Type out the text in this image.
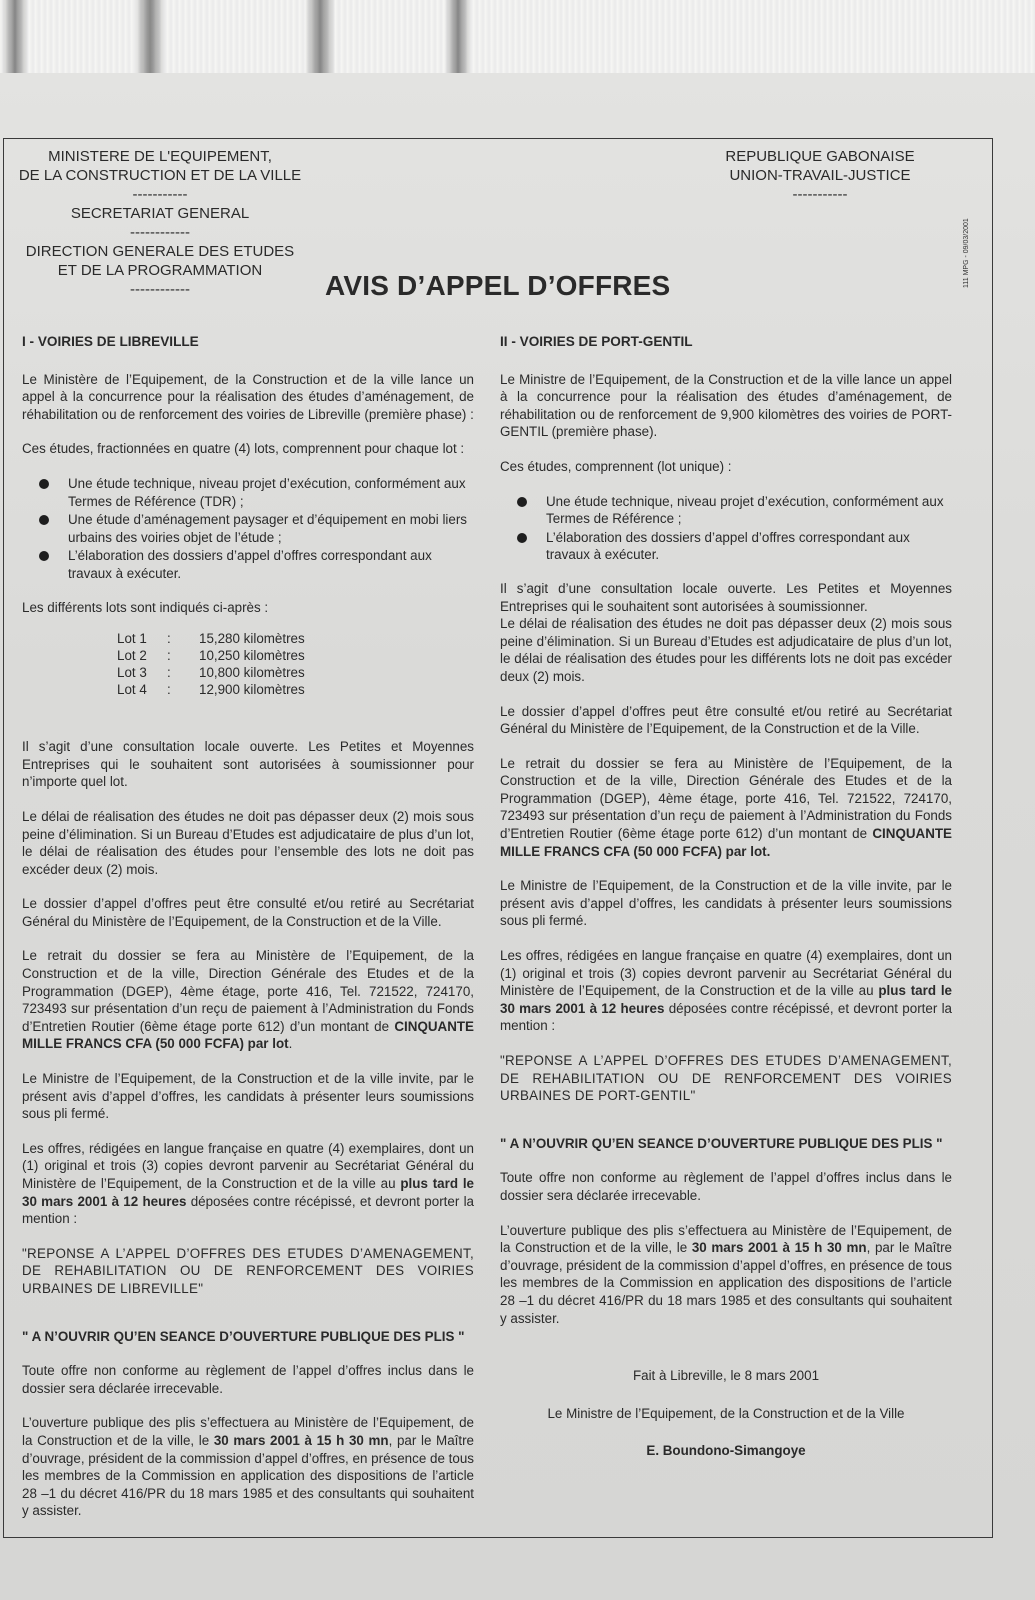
111 MPG - 09/03/2001
MINISTERE DE L'EQUIPEMENT,
DE LA CONSTRUCTION ET DE LA VILLE
-----------
SECRETARIAT GENERAL
------------
DIRECTION GENERALE DES ETUDES
ET DE LA PROGRAMMATION
------------
REPUBLIQUE GABONAISE
UNION-TRAVAIL-JUSTICE
-----------
AVIS D’APPEL D’OFFRES

I - VOIRIES DE LIBREVILLE

Le Ministère de l’Equipement, de la Construction et de la ville lance un appel à la concurrence pour la réalisation des études d’aménagement, de réhabilitation ou de renforcement des voiries de Libreville (première phase) :

Ces études, fractionnées en quatre (4) lots, comprennent pour chaque lot :

Une étude technique, niveau projet d’exécution, conformément aux Termes de Référence (TDR) ;
Une étude d’aménagement paysager et d’équipement en mobi liers urbains des voiries objet de l’étude ;
L’élaboration des dossiers d’appel d’offres correspondant aux travaux à exécuter.

Les différents lots sont indiqués ci-après :

Lot 1	:	15,280 kilomètres
Lot 2	:	10,250 kilomètres
Lot 3	:	10,800 kilomètres
Lot 4	:	12,900 kilomètres

Il s’agit d’une consultation locale ouverte. Les Petites et Moyennes Entreprises qui le souhaitent sont autorisées à soumissionner pour n’importe quel lot.

Le délai de réalisation des études ne doit pas dépasser deux (2) mois sous peine d’élimination. Si un Bureau d’Etudes est adjudicataire de plus d’un lot, le délai de réalisation des études pour l’ensemble des lots ne doit pas excéder deux (2) mois.

Le dossier d’appel d’offres peut être consulté et/ou retiré au Secrétariat Général du Ministère de l’Equipement, de la Construction et de la Ville.

Le retrait du dossier se fera au Ministère de l’Equipement, de la Construction et de la ville, Direction Générale des Etudes et de la Programmation (DGEP), 4ème étage, porte 416, Tel. 721522, 724170, 723493 sur présentation d’un reçu de paiement à l’Administration du Fonds d’Entretien Routier (6ème étage porte 612) d’un montant de CINQUANTE MILLE FRANCS CFA (50 000 FCFA) par lot.

Le Ministre de l’Equipement, de la Construction et de la ville invite, par le présent avis d’appel d’offres, les candidats à présenter leurs soumissions sous pli fermé.

Les offres, rédigées en langue française en quatre (4) exemplaires, dont un (1) original et trois (3) copies devront parvenir au Secrétariat Général du Ministère de l’Equipement, de la Construction et de la ville au plus tard le 30 mars 2001 à 12 heures déposées contre récépissé, et devront porter la mention :

"REPONSE A L’APPEL D’OFFRES DES ETUDES D’AMENAGEMENT, DE REHABILITATION OU DE RENFORCEMENT DES VOIRIES URBAINES DE LIBREVILLE"

" A N’OUVRIR QU’EN SEANCE D’OUVERTURE PUBLIQUE DES PLIS "

Toute offre non conforme au règlement de l’appel d’offres inclus dans le dossier sera déclarée irrecevable.

L’ouverture publique des plis s’effectuera au Ministère de l’Equipement, de la Construction et de la ville, le 30 mars 2001 à 15 h 30 mn, par le Maître d’ouvrage, président de la commission d’appel d’offres, en présence de tous les membres de la Commission en application des dispositions de l’article 28 –1 du décret 416/PR du 18 mars 1985 et des consultants qui souhaitent y assister.

II - VOIRIES DE PORT-GENTIL

Le Ministre de l’Equipement, de la Construction et de la ville lance un appel à la concurrence pour la réalisation des études d’aménagement, de réhabilitation ou de renforcement de 9,900 kilomètres des voiries de PORT-GENTIL (première phase).

Ces études, comprennent (lot unique) :

Une étude technique, niveau projet d’exécution, conformément aux Termes de Référence ;
L’élaboration des dossiers d’appel d’offres correspondant aux travaux à exécuter.

Il s’agit d’une consultation locale ouverte. Les Petites et Moyennes Entreprises qui le souhaitent sont autorisées à soumissionner.

Le délai de réalisation des études ne doit pas dépasser deux (2) mois sous peine d’élimination. Si un Bureau d’Etudes est adjudicataire de plus d’un lot, le délai de réalisation des études pour les différents lots ne doit pas excéder deux (2) mois.

Le dossier d’appel d’offres peut être consulté et/ou retiré au Secrétariat Général du Ministère de l’Equipement, de la Construction et de la Ville.

Le retrait du dossier se fera au Ministère de l’Equipement, de la Construction et de la ville, Direction Générale des Etudes et de la Programmation (DGEP), 4ème étage, porte 416, Tel. 721522, 724170, 723493 sur présentation d’un reçu de paiement à l’Administration du Fonds d’Entretien Routier (6ème étage porte 612) d’un montant de CINQUANTE MILLE FRANCS CFA (50 000 FCFA) par lot.

Le Ministre de l’Equipement, de la Construction et de la ville invite, par le présent avis d’appel d’offres, les candidats à présenter leurs soumissions sous pli fermé.

Les offres, rédigées en langue française en quatre (4) exemplaires, dont un (1) original et trois (3) copies devront parvenir au Secrétariat Général du Ministère de l’Equipement, de la Construction et de la ville au plus tard le 30 mars 2001 à 12 heures déposées contre récépissé, et devront porter la mention :

"REPONSE A L’APPEL D’OFFRES DES ETUDES D’AMENAGEMENT, DE REHABILITATION OU DE RENFORCEMENT DES VOIRIES URBAINES DE PORT-GENTIL"

" A N’OUVRIR QU’EN SEANCE D’OUVERTURE PUBLIQUE DES PLIS "

Toute offre non conforme au règlement de l’appel d’offres inclus dans le dossier sera déclarée irrecevable.

L’ouverture publique des plis s’effectuera au Ministère de l’Equipement, de la Construction et de la ville, le 30 mars 2001 à 15 h 30 mn, par le Maître d’ouvrage, président de la commission d’appel d’offres, en présence de tous les membres de la Commission en application des dispositions de l’article 28 –1 du décret 416/PR du 18 mars 1985 et des consultants qui souhaitent y assister.

Fait à Libreville, le 8 mars 2001

Le Ministre de l’Equipement, de la Construction et de la Ville

E. Boundono-Simangoye
